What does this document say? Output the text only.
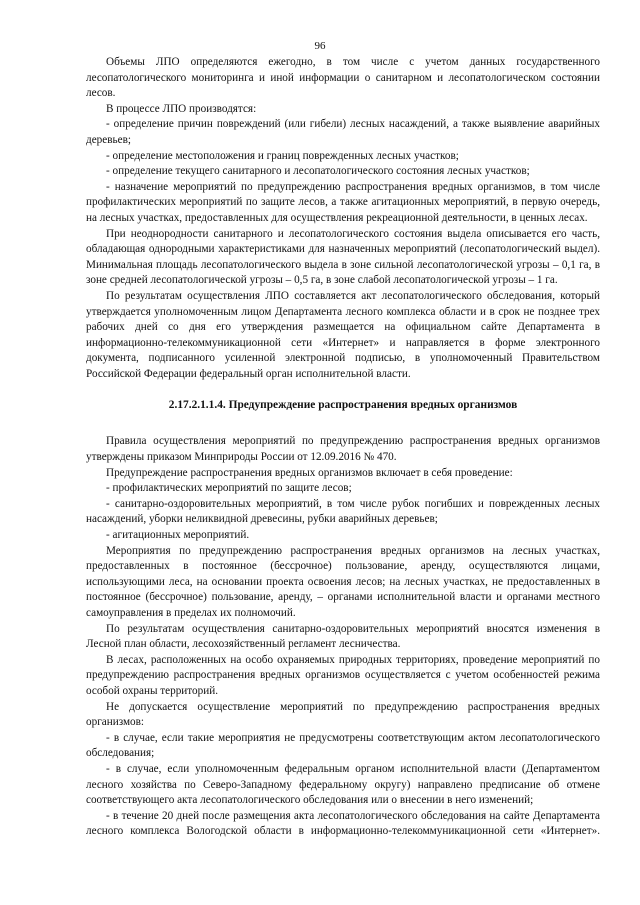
96

Объемы ЛПО определяются ежегодно, в том числе с учетом данных государственного лесопатологического мониторинга и иной информации о санитарном и лесопатологическом состоянии лесов.

В процессе ЛПО производятся:

- определение причин повреждений (или гибели) лесных насаждений, а также выявление аварийных деревьев;

- определение местоположения и границ поврежденных лесных участков;

- определение текущего санитарного и лесопатологического состояния лесных участков;

- назначение мероприятий по предупреждению распространения вредных организмов, в том числе профилактических мероприятий по защите лесов, а также агитационных мероприятий, в первую очередь, на лесных участках, предоставленных для осуществления рекреационной деятельности, в ценных лесах.

При неоднородности санитарного и лесопатологического состояния выдела описывается его часть, обладающая однородными характеристиками для назначенных мероприятий (лесопатологический выдел). Минимальная площадь лесопатологического выдела в зоне сильной лесопатологической угрозы – 0,1 га, в зоне средней лесопатологической угрозы – 0,5 га, в зоне слабой лесопатологической угрозы – 1 га.

По результатам осуществления ЛПО составляется акт лесопатологического обследования, который утверждается уполномоченным лицом Департамента лесного комплекса области и в срок не позднее трех рабочих дней со дня его утверждения размещается на официальном сайте Департамента в информационно-телекоммуникационной сети «Интернет» и направляется в форме электронного документа, подписанного усиленной электронной подписью, в уполномоченный Правительством Российской Федерации федеральный орган исполнительной власти.

2.17.2.1.1.4. Предупреждение распространения вредных организмов

Правила осуществления мероприятий по предупреждению распространения вредных организмов утверждены приказом Минприроды России от 12.09.2016 № 470.

Предупреждение распространения вредных организмов включает в себя проведение:

- профилактических мероприятий по защите лесов;

- санитарно-оздоровительных мероприятий, в том числе рубок погибших и поврежденных лесных насаждений, уборки неликвидной древесины, рубки аварийных деревьев;

- агитационных мероприятий.

Мероприятия по предупреждению распространения вредных организмов на лесных участках, предоставленных в постоянное (бессрочное) пользование, аренду, осуществляются лицами, использующими леса, на основании проекта освоения лесов; на лесных участках, не предоставленных в постоянное (бессрочное) пользование, аренду, – органами исполнительной власти и органами местного самоуправления в пределах их полномочий.

По результатам осуществления санитарно-оздоровительных мероприятий вносятся изменения в Лесной план области, лесохозяйственный регламент лесничества.

В лесах, расположенных на особо охраняемых природных территориях, проведение мероприятий по предупреждению распространения вредных организмов осуществляется с учетом особенностей режима особой охраны территорий.

Не допускается осуществление мероприятий по предупреждению распространения вредных организмов:

- в случае, если такие мероприятия не предусмотрены соответствующим актом лесопатологического обследования;

- в случае, если уполномоченным федеральным органом исполнительной власти (Департаментом лесного хозяйства по Северо-Западному федеральному округу) направлено предписание об отмене соответствующего акта лесопатологического обследования или о внесении в него изменений;

- в течение 20 дней после размещения акта лесопатологического обследования на сайте Департамента лесного комплекса Вологодской области в информационно-телекоммуникационной сети «Интернет».
